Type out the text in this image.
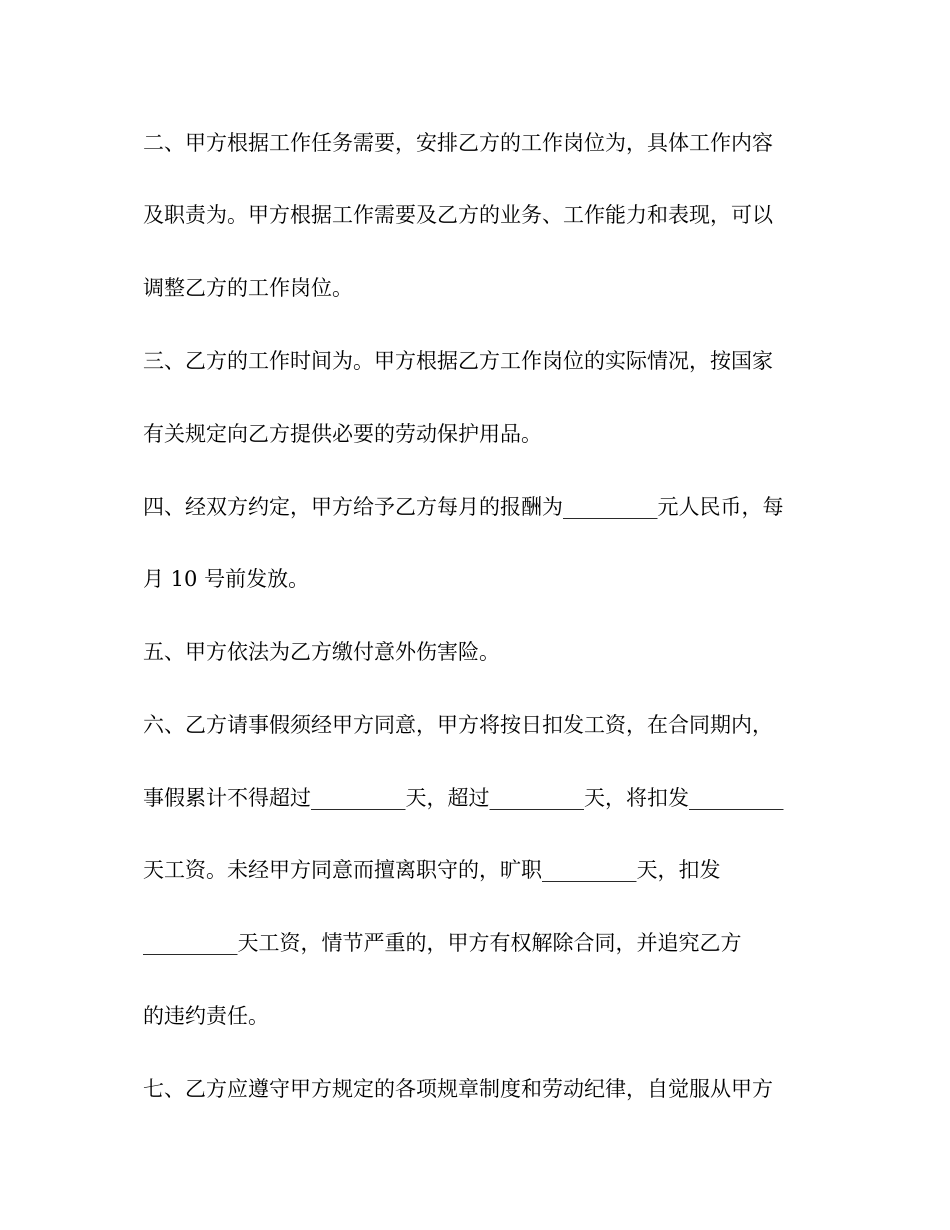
二、甲方根据工作任务需要，安排乙方的工作岗位为，具体工作内容
及职责为。甲方根据工作需要及乙方的业务、工作能力和表现，可以
调整乙方的工作岗位。
三、乙方的工作时间为。甲方根据乙方工作岗位的实际情况，按国家
有关规定向乙方提供必要的劳动保护用品。
四、经双方约定，甲方给予乙方每月的报酬为_________元人民币，每
月 10 号前发放。
五、甲方依法为乙方缴付意外伤害险。
六、乙方请事假须经甲方同意，甲方将按日扣发工资，在合同期内，
事假累计不得超过_________天，超过_________天，将扣发_________
天工资。未经甲方同意而擅离职守的，旷职_________天，扣发
_________天工资，情节严重的，甲方有权解除合同，并追究乙方
的违约责任。
七、乙方应遵守甲方规定的各项规章制度和劳动纪律，自觉服从甲方
